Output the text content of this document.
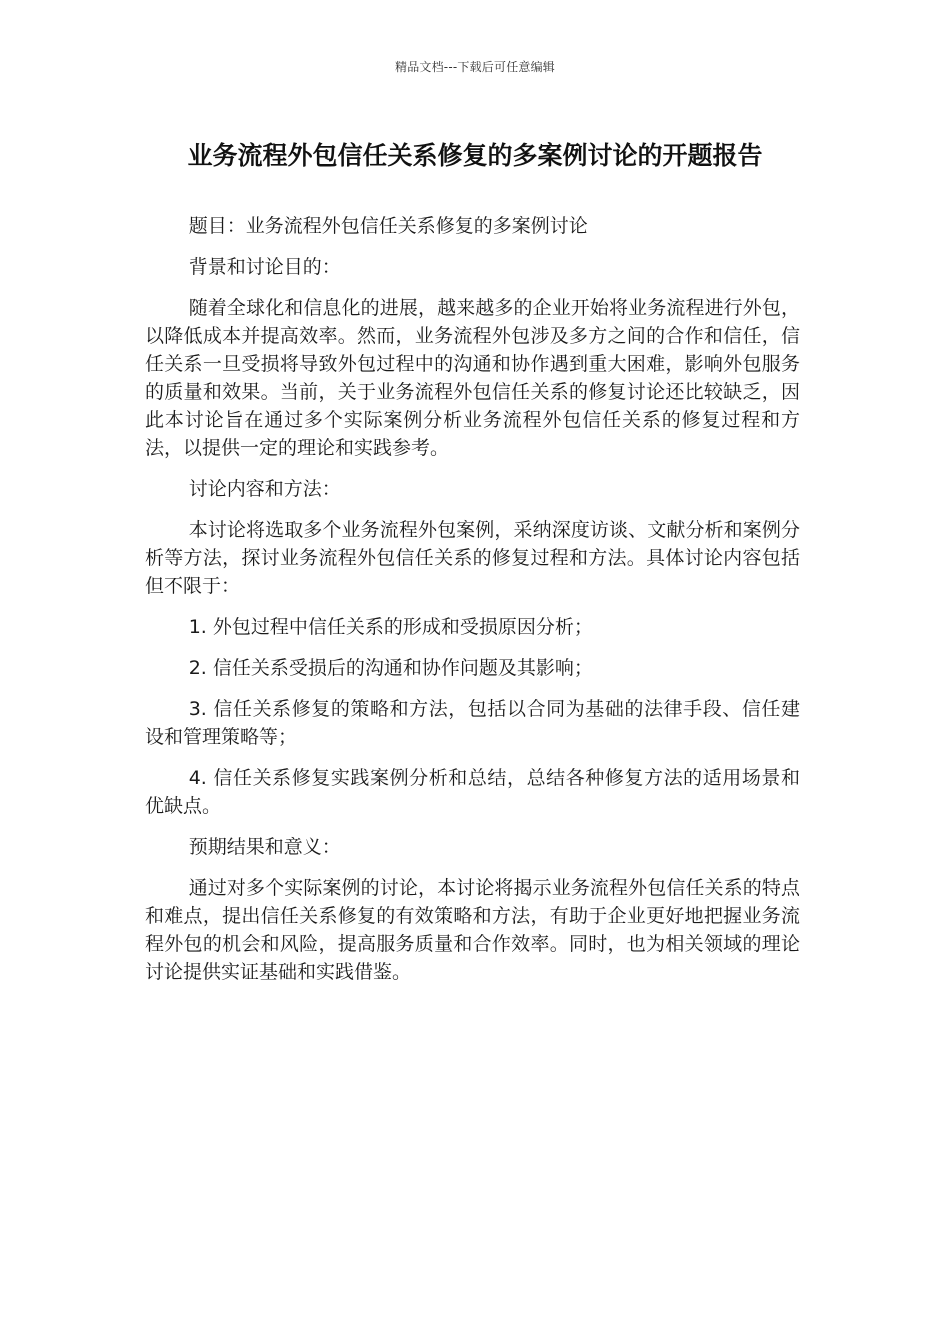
精品文档---下载后可任意编辑
业务流程外包信任关系修复的多案例讨论的开题报告

题目：业务流程外包信任关系修复的多案例讨论

背景和讨论目的：

随着全球化和信息化的进展，越来越多的企业开始将业务流程进行外包，以降低成本并提高效率。然而，业务流程外包涉及多方之间的合作和信任，信任关系一旦受损将导致外包过程中的沟通和协作遇到重大困难，影响外包服务的质量和效果。当前，关于业务流程外包信任关系的修复讨论还比较缺乏，因此本讨论旨在通过多个实际案例分析业务流程外包信任关系的修复过程和方法，以提供一定的理论和实践参考。

讨论内容和方法：

本讨论将选取多个业务流程外包案例，采纳深度访谈、文献分析和案例分析等方法，探讨业务流程外包信任关系的修复过程和方法。具体讨论内容包括但不限于：

1. 外包过程中信任关系的形成和受损原因分析；

2. 信任关系受损后的沟通和协作问题及其影响；

3. 信任关系修复的策略和方法，包括以合同为基础的法律手段、信任建设和管理策略等；

4. 信任关系修复实践案例分析和总结，总结各种修复方法的适用场景和优缺点。

预期结果和意义：

通过对多个实际案例的讨论，本讨论将揭示业务流程外包信任关系的特点和难点，提出信任关系修复的有效策略和方法，有助于企业更好地把握业务流程外包的机会和风险，提高服务质量和合作效率。同时，也为相关领域的理论讨论提供实证基础和实践借鉴。
